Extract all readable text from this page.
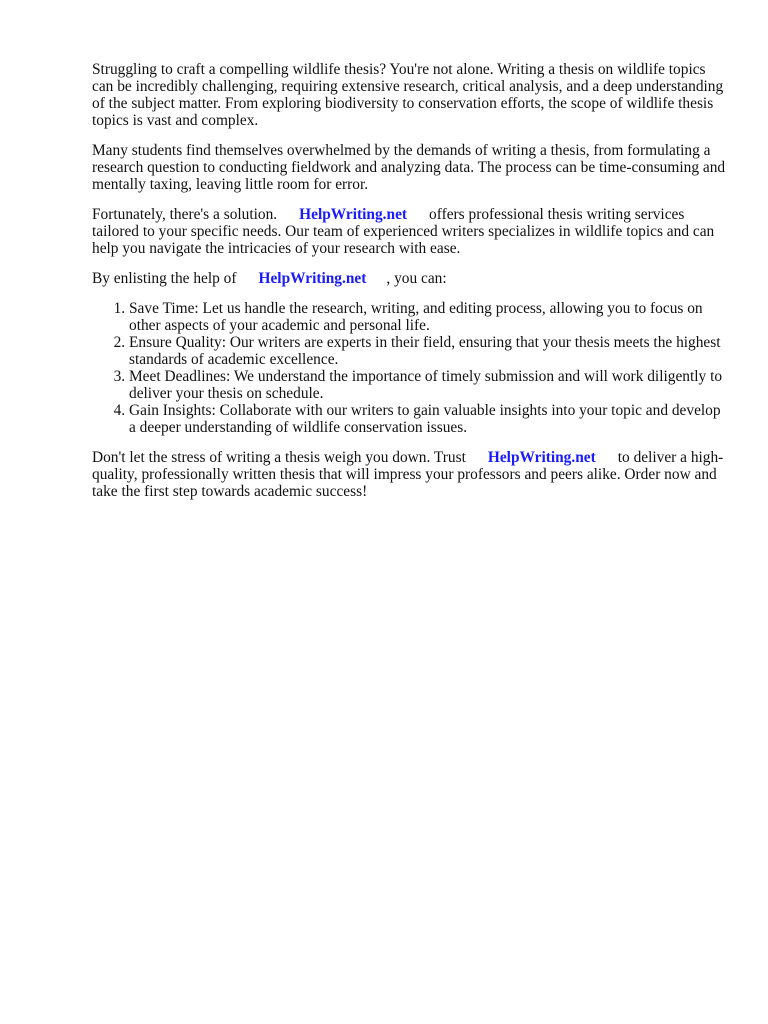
Struggling to craft a compelling wildlife thesis? You're not alone. Writing a thesis on wildlife topics can be incredibly challenging, requiring extensive research, critical analysis, and a deep understanding of the subject matter. From exploring biodiversity to conservation efforts, the scope of wildlife thesis topics is vast and complex.

Many students find themselves overwhelmed by the demands of writing a thesis, from formulating a research question to conducting fieldwork and analyzing data. The process can be time-consuming and mentally taxing, leaving little room for error.

Fortunately, there's a solution. HelpWriting.net offers professional thesis writing services tailored to your specific needs. Our team of experienced writers specializes in wildlife topics and can help you navigate the intricacies of your research with ease.

By enlisting the help of HelpWriting.net , you can:

1. Save Time: Let us handle the research, writing, and editing process, allowing you to focus on other aspects of your academic and personal life.
2. Ensure Quality: Our writers are experts in their field, ensuring that your thesis meets the highest standards of academic excellence.
3. Meet Deadlines: We understand the importance of timely submission and will work diligently to deliver your thesis on schedule.
4. Gain Insights: Collaborate with our writers to gain valuable insights into your topic and develop a deeper understanding of wildlife conservation issues.

Don't let the stress of writing a thesis weigh you down. Trust HelpWriting.net to deliver a high-quality, professionally written thesis that will impress your professors and peers alike. Order now and take the first step towards academic success!
